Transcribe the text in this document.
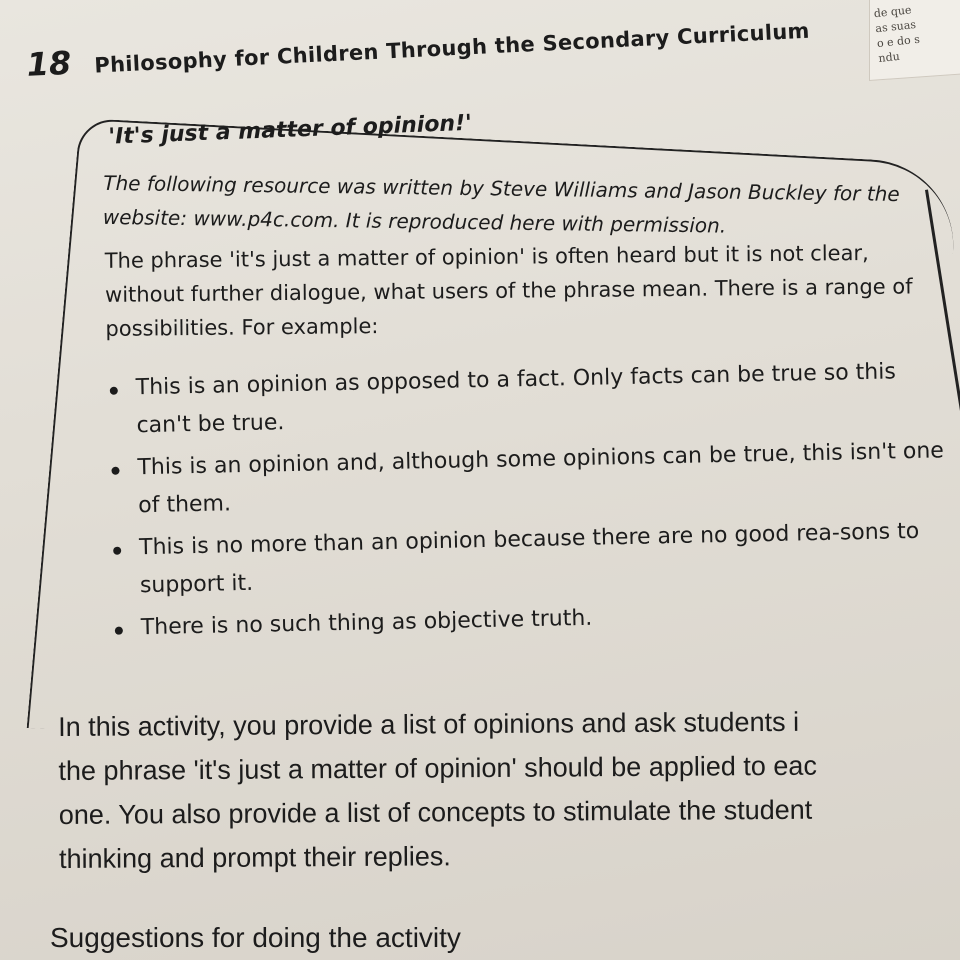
de que
as suas
o e do s
ndu
18 Philosophy for Children Through the Secondary Curriculum
'It's just a matter of opinion!'

The following resource was written by Steve Williams and Jason Buckley for the website: www.p4c.com. It is reproduced here with permission.

The phrase 'it's just a matter of opinion' is often heard but it is not clear, without further dialogue, what users of the phrase mean. There is a range of possibilities. For example:

This is an opinion as opposed to a fact. Only facts can be true so this can't be true.
This is an opinion and, although some opinions can be true, this isn't one of them.
This is no more than an opinion because there are no good rea-sons to support it.
There is no such thing as objective truth.
In this activity, you provide a list of opinions and ask students i
the phrase 'it's just a matter of opinion' should be applied to eac
one. You also provide a list of concepts to stimulate the student
thinking and prompt their replies.
Suggestions for doing the activity
